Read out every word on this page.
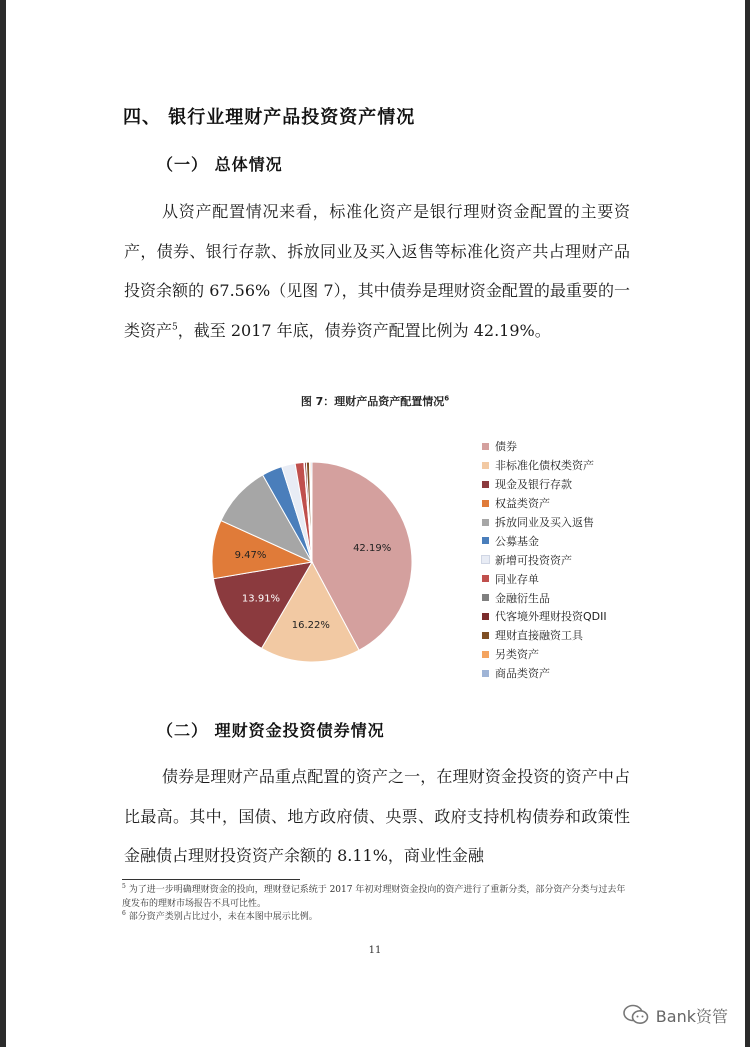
四、 银行业理财产品投资资产情况
（一） 总体情况

从资产配置情况来看，标准化资产是银行理财资金配置的主要资产，债券、银行存款、拆放同业及买入返售等标准化资产共占理财产品投资余额的 67.56%（见图 7），其中债券是理财资金配置的最重要的一类资产$^5$，截至 2017 年底，债券资产配置比例为 42.19%。

图 7：理财产品资产配置情况$^6$
42.19%
16.22%
13.91%
9.47%
债券
非标准化债权类资产
现金及银行存款
权益类资产
拆放同业及买入返售
公募基金
新增可投资资产
同业存单
金融衍生品
代客境外理财投资QDII
理财直接融资工具
另类资产
商品类资产
（二） 理财资金投资债券情况

债券是理财产品重点配置的资产之一，在理财资金投资的资产中占比最高。其中，国债、地方政府债、央票、政府支持机构债券和政策性金融债占理财投资资产余额的 8.11%，商业性金融

$^5$ 为了进一步明确理财资金的投向，理财登记系统于 2017 年初对理财资金投向的资产进行了重新分类，部分资产分类与过去年度发布的理财市场报告不具可比性。

$^6$ 部分资产类别占比过小，未在本图中展示比例。

11
Bank资管
